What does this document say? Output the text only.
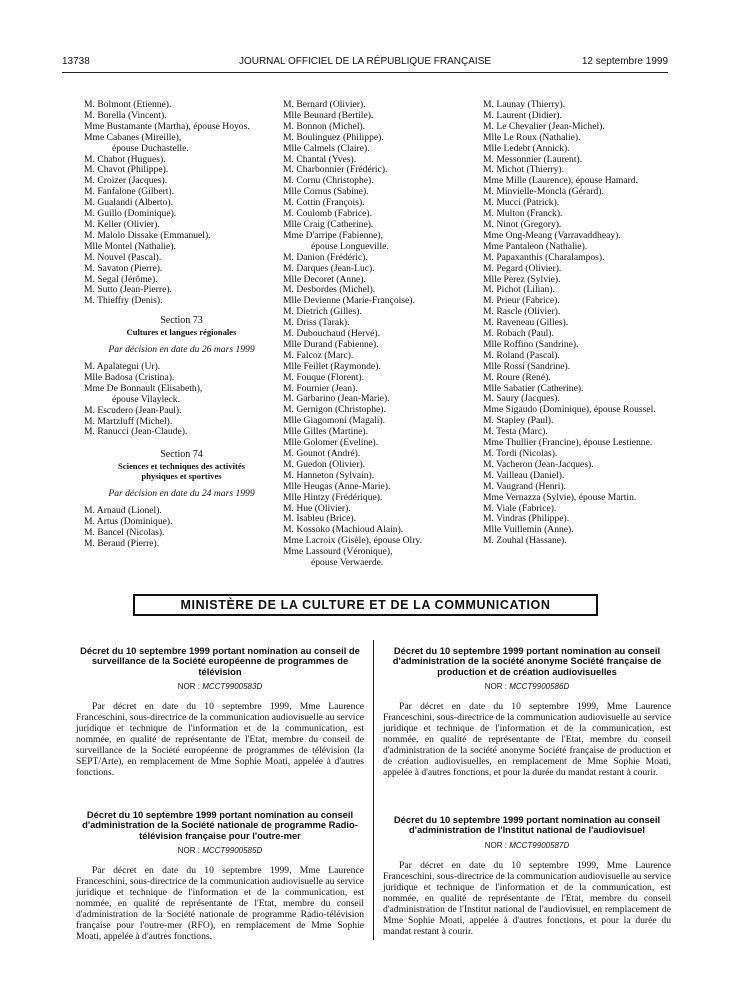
13738	JOURNAL OFFICIEL DE LA RÉPUBLIQUE FRANÇAISE	12 septembre 1999
M. Bolmont (Etienne).
M. Borella (Vincent).
Mme Bustamante (Martha), épouse Hoyos.
Mme Cabanes (Mireille),
épouse Duchastelle.
M. Chabot (Hugues).
M. Chavot (Philippe).
M. Croizer (Jacques).
M. Fanfalone (Gilbert).
M. Gualandi (Alberto).
M. Guillo (Dominique).
M. Keller (Olivier).
M. Malolo Dissake (Emmanuel).
Mlle Montel (Nathalie).
M. Nouvel (Pascal).
M. Savaton (Pierre).
M. Segal (Jérôme).
M. Sutto (Jean-Pierre).
M. Thieffry (Denis).
Section 73
Cultures et langues régionales
Par décision en date du 26 mars 1999
M. Apalategui (Ur).
Mlle Badosa (Cristina).
Mme De Bonnault (Elisabeth),
épouse Vilayleck.
M. Escudero (Jean-Paul).
M. Martzluff (Michel).
M. Ranucci (Jean-Claude).
Section 74
Sciences et techniques des activités
physiques et sportives
Par décision en date du 24 mars 1999
M. Arnaud (Lionel).
M. Artus (Dominique).
M. Bancel (Nicolas).
M. Beraud (Pierre).
M. Bernard (Olivier).
Mlle Beunard (Bertile).
M. Bonnon (Michel).
M. Boulinguez (Philippe).
Mlle Calmels (Claire).
M. Chantal (Yves).
M. Charbonnier (Frédéric).
M. Cornu (Christophe).
Mlle Cornus (Sabine).
M. Cottin (François).
M. Coulomb (Fabrice).
Mlle Craig (Catherine).
Mme D'arripe (Fabienne),
épouse Longueville.
M. Danion (Frédéric).
M. Darques (Jean-Luc).
Mlle Decoret (Anne).
M. Desbordes (Michel).
Mlle Devienne (Marie-Françoise).
M. Dietrich (Gilles).
M. Driss (Tarak).
M. Dubouchaud (Hervé).
Mlle Durand (Fabienne).
M. Falcoz (Marc).
Mlle Feillet (Raymonde).
M. Fouque (Florent).
M. Fournier (Jean).
M. Garbarino (Jean-Marie).
M. Gernigon (Christophe).
Mlle Giagomoni (Magali).
Mlle Gilles (Martine).
Mlle Golomer (Eveline).
M. Gounot (André).
M. Guedon (Olivier).
M. Hanneton (Sylvain).
Mlle Heugas (Anne-Marie).
Mlle Hintzy (Frédérique).
M. Hue (Olivier).
M. Isableu (Brice).
M. Kossoko (Machioud Alain).
Mme Lacroix (Gisèle), épouse Olry.
Mme Lassourd (Véronique),
épouse Verwaerde.
M. Launay (Thierry).
M. Laurent (Didier).
M. Le Chevalier (Jean-Michel).
Mlle Le Roux (Nathalie).
Mlle Ledebt (Annick).
M. Messonnier (Laurent).
M. Michot (Thierry).
Mme Mille (Laurence), épouse Hamard.
M. Minvielle-Moncla (Gérard).
M. Mucci (Patrick).
M. Multon (Franck).
M. Ninot (Gregory).
Mme Ong-Meang (Varravaddheay).
Mme Pantaleon (Nathalie).
M. Papaxanthis (Charalampos).
M. Pegard (Olivier).
Mlle Perez (Sylvie).
M. Pichot (Lilian).
M. Prieur (Fabrice).
M. Rascle (Olivier).
M. Raveneau (Gilles).
M. Robach (Paul).
Mlle Roffino (Sandrine).
M. Roland (Pascal).
Mlle Rossi (Sandrine).
M. Roure (René).
Mlle Sabatier (Catherine).
M. Saury (Jacques).
Mme Sigaudo (Dominique), épouse Roussel.
M. Stapley (Paul).
M. Testa (Marc).
Mme Thullier (Francine), épouse Lestienne.
M. Tordi (Nicolas).
M. Vacheron (Jean-Jacques).
M. Vailleau (Daniel).
M. Vaugrand (Henri).
Mme Vernazza (Sylvie), épouse Martin.
M. Viale (Fabrice).
M. Vindras (Philippe).
Mlle Vuillemin (Anne).
M. Zouhal (Hassane).
MINISTÈRE DE LA CULTURE ET DE LA COMMUNICATION
Décret du 10 septembre 1999 portant nomination au conseil de surveillance de la Société européenne de programmes de télévision
NOR : MCCT9900583D
Par décret en date du 10 septembre 1999, Mme Laurence Franceschini, sous-directrice de la communication audiovisuelle au service juridique et technique de l'information et de la communication, est nommée, en qualité de représentante de l'Etat, membre du conseil de surveillance de la Société européenne de programmes de télévision (la SEPT/Arte), en remplacement de Mme Sophie Moati, appelée à d'autres fonctions.
Décret du 10 septembre 1999 portant nomination au conseil d'administration de la Société nationale de programme Radio-télévision française pour l'outre-mer
NOR : MCCT9900585D
Par décret en date du 10 septembre 1999, Mme Laurence Franceschini, sous-directrice de la communication audiovisuelle au service juridique et technique de l'information et de la communication, est nommée, en qualité de représentante de l'Etat, membre du conseil d'administration de la Société nationale de programme Radio-télévision française pour l'outre-mer (RFO), en remplacement de Mme Sophie Moati, appelée à d'autres fonctions.
Décret du 10 septembre 1999 portant nomination au conseil d'administration de la société anonyme Société française de production et de création audiovisuelles
NOR : MCCT9900586D
Par décret en date du 10 septembre 1999, Mme Laurence Franceschini, sous-directrice de la communication audiovisuelle au service juridique et technique de l'information et de la communication, est nommée, en qualité de représentante de l'Etat, membre du conseil d'administration de la société anonyme Société française de production et de création audiovisuelles, en remplacement de Mme Sophie Moati, appelée à d'autres fonctions, et pour la durée du mandat restant à courir.
Décret du 10 septembre 1999 portant nomination au conseil d'administration de l'Institut national de l'audiovisuel
NOR : MCCT9900587D
Par décret en date du 10 septembre 1999, Mme Laurence Franceschini, sous-directrice de la communication audiovisuelle au service juridique et technique de l'information et de la communication, est nommée, en qualité de représentante de l'Etat, membre du conseil d'administration de l'Institut national de l'audiovisuel, en remplacement de Mme Sophie Moati, appelée à d'autres fonctions, et pour la durée du mandat restant à courir.
